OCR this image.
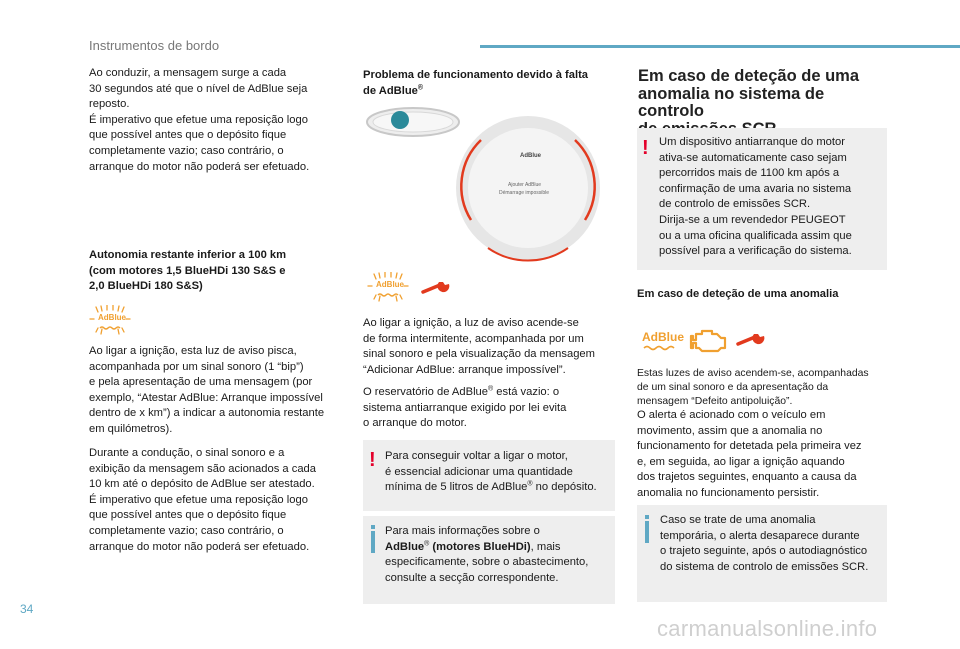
Instrumentos de bordo

Ao conduzir, a mensagem surge a cada
30 segundos até que o nível de AdBlue seja
reposto.
É imperativo que efetue uma reposição logo
que possível antes que o depósito fique
completamente vazio; caso contrário, o
arranque do motor não poderá ser efetuado.

Autonomia restante inferior a 100 km
(com motores 1,5 BlueHDi 130 S&S e
2,0 BlueHDi 180 S&S)

AdBlue

Ao ligar a ignição, esta luz de aviso pisca,
acompanhada por um sinal sonoro (1 “bip”)
e pela apresentação de uma mensagem (por
exemplo, “Atestar AdBlue: Arranque impossível
dentro de x km”) a indicar a autonomia restante
em quilómetros).

Durante a condução, o sinal sonoro e a
exibição da mensagem são acionados a cada
10 km até o depósito de AdBlue ser atestado.
É imperativo que efetue uma reposição logo
que possível antes que o depósito fique
completamente vazio; caso contrário, o
arranque do motor não poderá ser efetuado.

Problema de funcionamento devido à falta
de AdBlue®

AdBlue
Ajouter AdBlue
Démarrage impossible
AdBlue

Ao ligar a ignição, a luz de aviso acende-se
de forma intermitente, acompanhada por um
sinal sonoro e pela visualização da mensagem
“Adicionar AdBlue: arranque impossível”.

O reservatório de AdBlue® está vazio: o
sistema antiarranque exigido por lei evita
o arranque do motor.

! Para conseguir voltar a ligar o motor,
é essencial adicionar uma quantidade
mínima de 5 litros de AdBlue® no depósito.

Para mais informações sobre o
AdBlue® (motores BlueHDi), mais
especificamente, sobre o abastecimento,
consulte a secção correspondente.

Em caso de deteção de uma
anomalia no sistema de controlo

! Um dispositivo antiarranque do motor
ativa-se automaticamente caso sejam
percorridos mais de 1100 km após a
confirmação de uma avaria no sistema
de controlo de emissões SCR.
Dirija-se a um revendedor PEUGEOT
ou a uma oficina qualificada assim que
possível para a verificação do sistema.

Em caso de deteção de uma anomalia

AdBlue

Estas luzes de aviso acendem-se, acompanhadas
de um sinal sonoro e da apresentação da
mensagem “Defeito antipoluição”.

O alerta é acionado com o veículo em
movimento, assim que a anomalia no
funcionamento for detetada pela primeira vez
e, em seguida, ao ligar a ignição aquando
dos trajetos seguintes, enquanto a causa da
anomalia no funcionamento persistir.

Caso se trate de uma anomalia
temporária, o alerta desaparece durante
o trajeto seguinte, após o autodiagnóstico
do sistema de controlo de emissões SCR.

34
carmanualsonline.info
